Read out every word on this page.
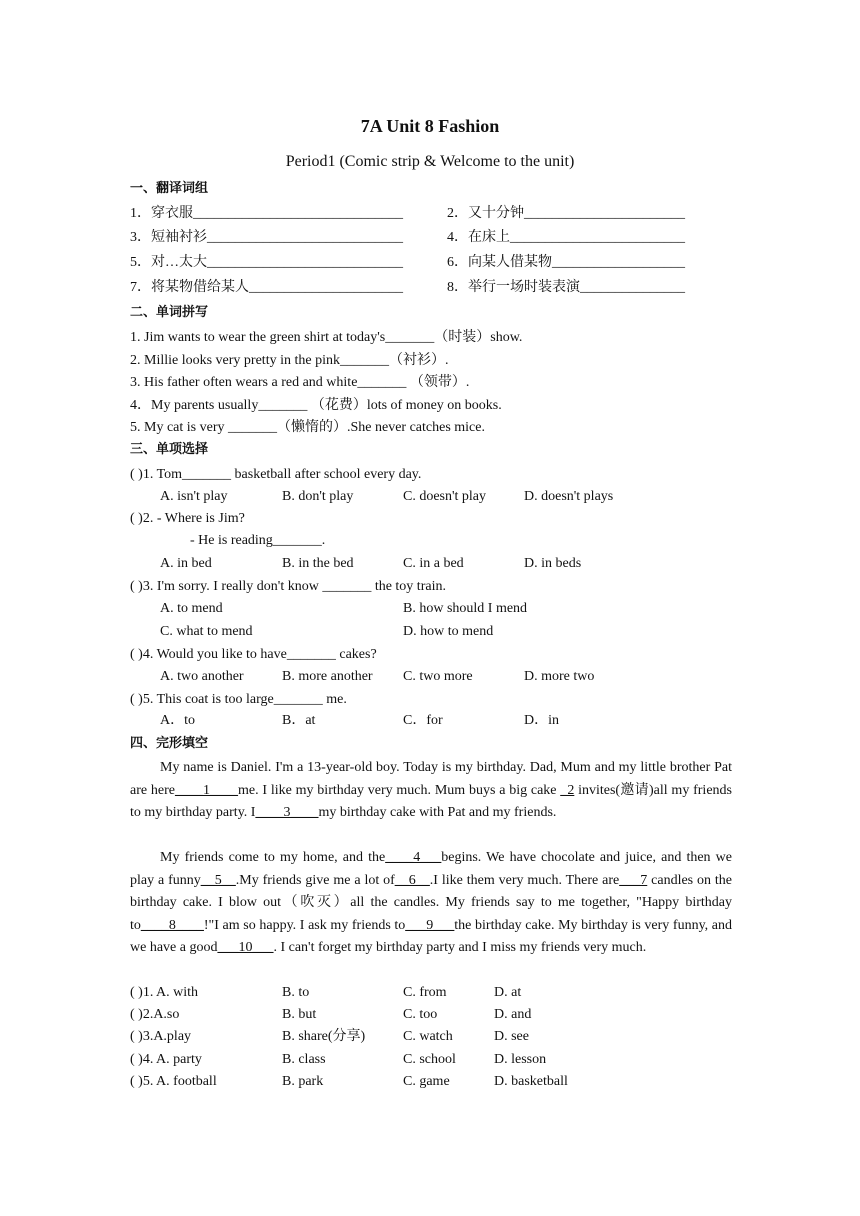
7A Unit 8 Fashion
Period1 (Comic strip & Welcome to the unit)
一、翻译词组
1．穿衣服______________________________	2．又十分钟_______________________
3．短袖衬衫____________________________	4．在床上_________________________
5．对…太大____________________________	6．向某人借某物___________________
7．将某物借给某人______________________	8．举行一场时装表演_______________
二、单词拼写
1. Jim wants to wear the green shirt at today's_______（时装）show.
2. Millie looks very pretty in the pink_______（衬衫）.
3. His father often wears a red and white_______ （领带）.
4．My parents usually_______ （花费）lots of money on books.
5. My cat is very _______（懒惰的）.She never catches mice.
三、单项选择
( )1. Tom_______ basketball after school every day.
A. isn't play	B. don't play	C. doesn't play	D. doesn't plays
( )2. - Where is Jim?
- He is reading_______.
A. in bed	B. in the bed	C. in a bed	D. in beds
( )3. I'm sorry. I really don't know _______ the toy train.
A. to mend	B. how should I mend
C. what to mend	D. how to mend
( )4. Would you like to have_______ cakes?
A. two another	B. more another C. two more	D. more two
( )5. This coat is too large_______ me.
A．to	B．at	C．for	D．in
四、完形填空
My name is Daniel. I'm a 13-year-old boy. Today is my birthday. Dad, Mum and my little brother Pat are here____1____me. I like my birthday very much. Mum buys a big cake _2 invites(邀请)all my friends to my birthday party. I____3____my birthday cake with Pat and my friends.
My friends come to my home, and the____4___begins. We have chocolate and juice, and then we play a funny__5__.My friends give me a lot of__6__.I like them very much. There are___7 candles on the birthday cake. I blow out（吹灭）all the candles. My friends say to me together, "Happy birthday to____8____!"I am so happy. I ask my friends to___9___the birthday cake. My birthday is very funny, and we have a good___10___. I can't forget my birthday party and I miss my friends very much.
( )1. A. with	B. to	C. from	D. at
( )2.A.so	B. but	C. too	D. and
( )3.A.play	B. share(分享)	C. watch	D. see
( )4. A. party	B. class	C. school	D. lesson
( )5. A. football	B. park	C. game	D. basketball
